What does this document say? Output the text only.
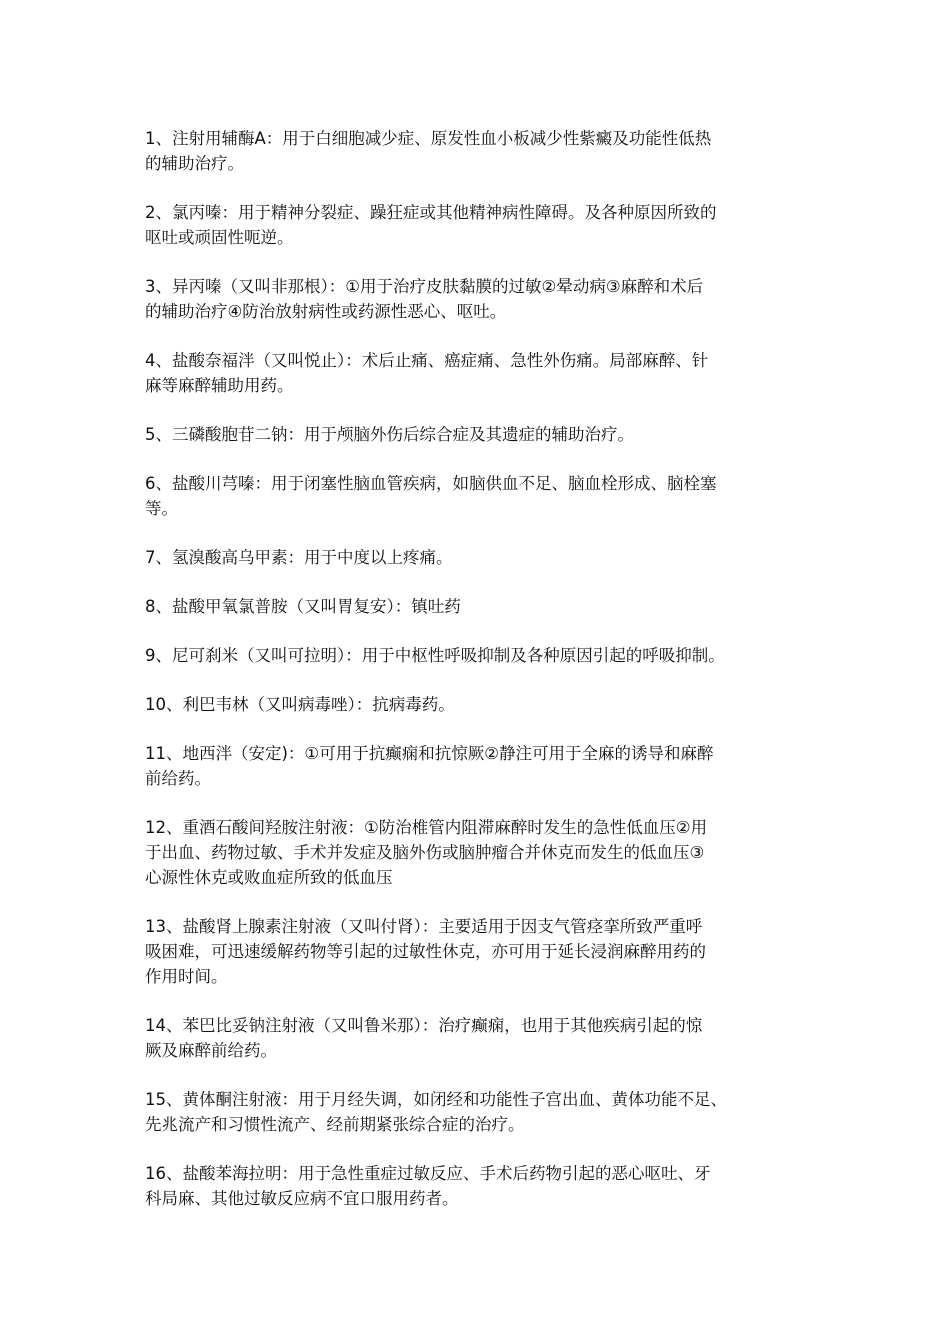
1、注射用辅酶A：用于白细胞减少症、原发性血小板减少性紫癜及功能性低热
的辅助治疗。

2、氯丙嗪：用于精神分裂症、躁狂症或其他精神病性障碍。及各种原因所致的
呕吐或顽固性呃逆。

3、异丙嗪（又叫非那根）：①用于治疗皮肤黏膜的过敏②晕动病③麻醉和术后
的辅助治疗④防治放射病性或药源性恶心、呕吐。

4、盐酸奈福泮（又叫悦止）：术后止痛、癌症痛、急性外伤痛。局部麻醉、针
麻等麻醉辅助用药。

5、三磷酸胞苷二钠：用于颅脑外伤后综合症及其遗症的辅助治疗。

6、盐酸川芎嗪：用于闭塞性脑血管疾病，如脑供血不足、脑血栓形成、脑栓塞
等。

7、氢溴酸高乌甲素：用于中度以上疼痛。

8、盐酸甲氧氯普胺（又叫胃复安）：镇吐药

9、尼可刹米（又叫可拉明）：用于中枢性呼吸抑制及各种原因引起的呼吸抑制。

10、利巴韦林（又叫病毒唑）：抗病毒药。

11、地西泮（安定)：①可用于抗癫痫和抗惊厥②静注可用于全麻的诱导和麻醉
前给药。

12、重酒石酸间羟胺注射液：①防治椎管内阻滞麻醉时发生的急性低血压②用
于出血、药物过敏、手术并发症及脑外伤或脑肿瘤合并休克而发生的低血压③
心源性休克或败血症所致的低血压

13、盐酸肾上腺素注射液（又叫付肾）：主要适用于因支气管痉挛所致严重呼
吸困难，可迅速缓解药物等引起的过敏性休克，亦可用于延长浸润麻醉用药的
作用时间。

14、苯巴比妥钠注射液（又叫鲁米那）：治疗癫痫，也用于其他疾病引起的惊
厥及麻醉前给药。

15、黄体酮注射液：用于月经失调，如闭经和功能性子宫出血、黄体功能不足、
先兆流产和习惯性流产、经前期紧张综合症的治疗。

16、盐酸苯海拉明：用于急性重症过敏反应、手术后药物引起的恶心呕吐、牙
科局麻、其他过敏反应病不宜口服用药者。
